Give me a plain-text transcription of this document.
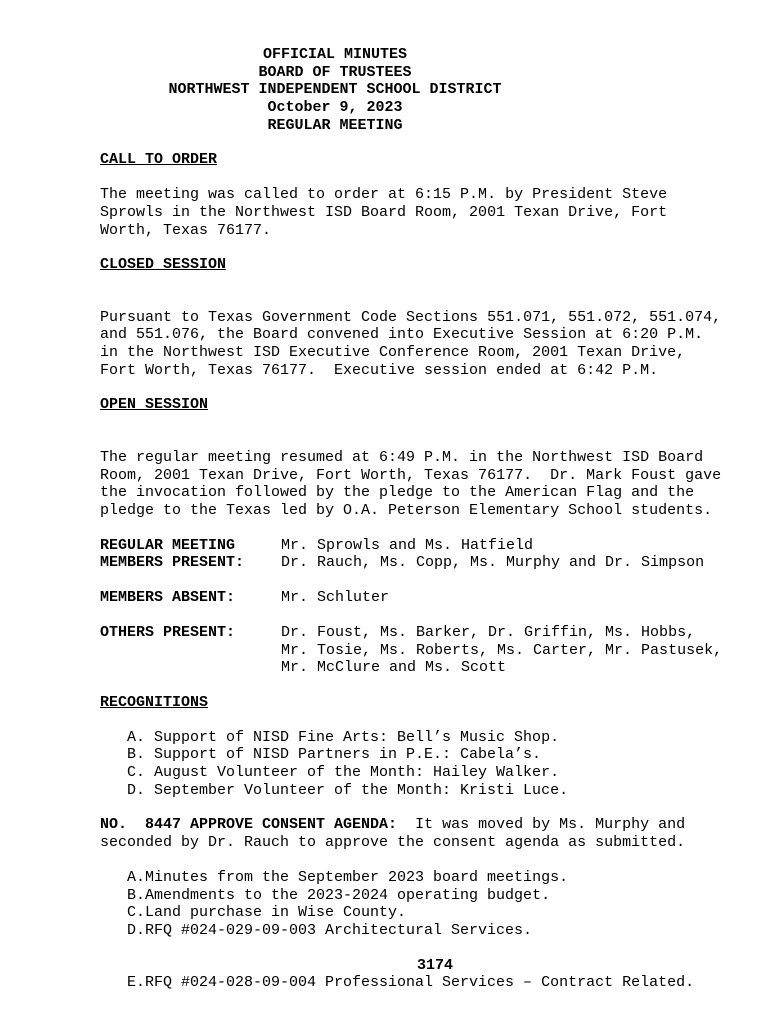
OFFICIAL MINUTES
BOARD OF TRUSTEES
NORTHWEST INDEPENDENT SCHOOL DISTRICT
October 9, 2023
REGULAR MEETING
CALL TO ORDER

The meeting was called to order at 6:15 P.M. by President Steve
Sprowls in the Northwest ISD Board Room, 2001 Texan Drive, Fort
Worth, Texas 76177.

CLOSED SESSION

Pursuant to Texas Government Code Sections 551.071, 551.072, 551.074,
and 551.076, the Board convened into Executive Session at 6:20 P.M.
in the Northwest ISD Executive Conference Room, 2001 Texan Drive,
Fort Worth, Texas 76177.  Executive session ended at 6:42 P.M.

OPEN SESSION

The regular meeting resumed at 6:49 P.M. in the Northwest ISD Board
Room, 2001 Texan Drive, Fort Worth, Texas 76177.  Dr. Mark Foust gave
the invocation followed by the pledge to the American Flag and the
pledge to the Texas led by O.A. Peterson Elementary School students.

REGULAR MEETING
MEMBERS PRESENT:
Mr. Sprowls and Ms. Hatfield
Dr. Rauch, Ms. Copp, Ms. Murphy and Dr. Simpson
MEMBERS ABSENT:	Mr. Schluter
OTHERS PRESENT:	Dr. Foust, Ms. Barker, Dr. Griffin, Ms. Hobbs,
Mr. Tosie, Ms. Roberts, Ms. Carter, Mr. Pastusek,
Mr. McClure and Ms. Scott
RECOGNITIONS
A. Support of NISD Fine Arts: Bell’s Music Shop.
B. Support of NISD Partners in P.E.: Cabela’s.
C. August Volunteer of the Month: Hailey Walker.
D. September Volunteer of the Month: Kristi Luce.

NO.  8447 APPROVE CONSENT AGENDA:  It was moved by Ms. Murphy and
seconded by Dr. Rauch to approve the consent agenda as submitted.

A. Minutes from the September 2023 board meetings.
B. Amendments to the 2023-2024 operating budget.
C. Land purchase in Wise County.
D. RFQ #024-029-09-003 Architectural Services.
3174
E. RFQ #024-028-09-004 Professional Services – Contract Related.
